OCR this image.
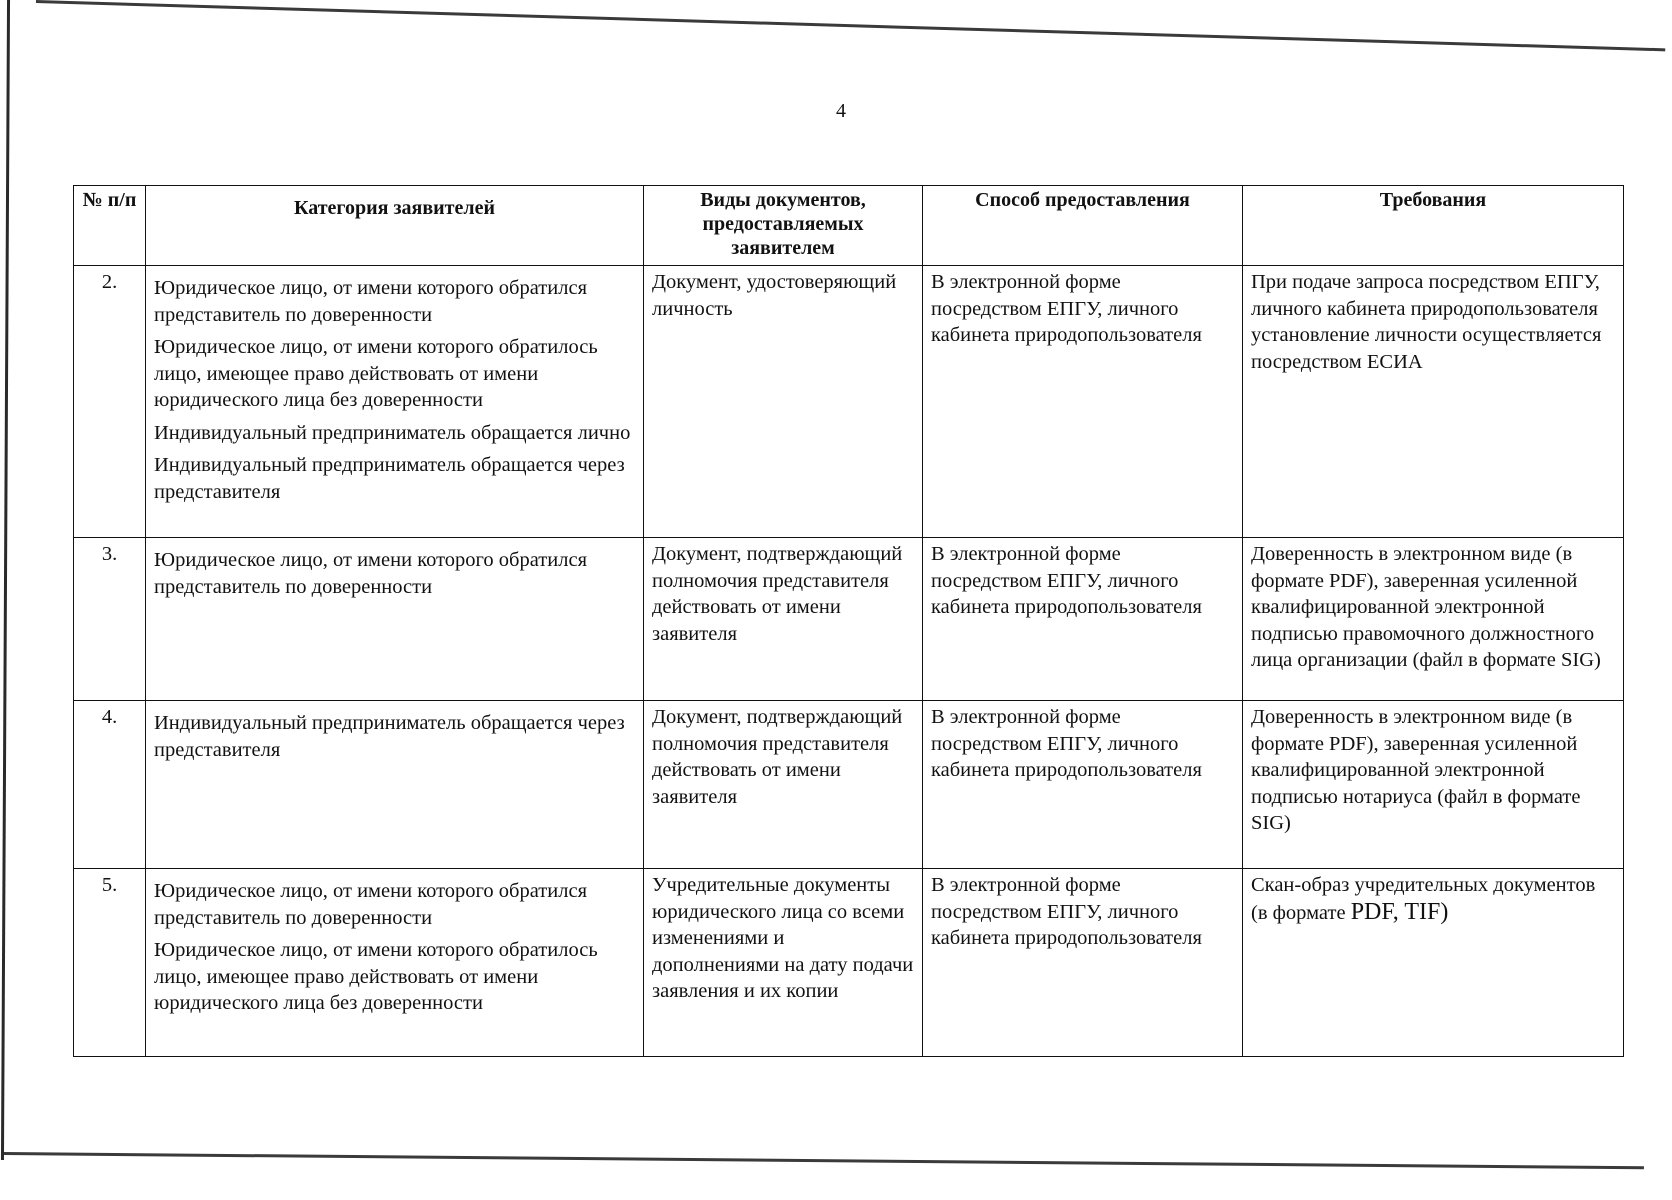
4
№ п/п	Категория заявителей	Виды документов, предоставляемых заявителем	Способ предоставления	Требования
2.	Юридическое лицо, от имени которого обратился представитель по доверенности
Юридическое лицо, от имени которого обратилось лицо, имеющее право действовать от имени юридического лица без доверенности
Индивидуальный предприниматель обращается лично
Индивидуальный предприниматель обращается через представителя	Документ, удостоверяющий личность	В электронной форме посредством ЕПГУ, личного кабинета природопользователя	При подаче запроса посредством ЕПГУ, личного кабинета природопользователя установление личности осуществляется посредством ЕСИА
3.	Юридическое лицо, от имени которого обратился представитель по доверенности	Документ, подтверждающий полномочия представителя действовать от имени заявителя	В электронной форме посредством ЕПГУ, личного кабинета природопользователя	Доверенность в электронном виде (в формате PDF), заверенная усиленной квалифицированной электронной подписью правомочного должностного лица организации (файл в формате SIG)
4.	Индивидуальный предприниматель обращается через представителя	Документ, подтверждающий полномочия представителя действовать от имени заявителя	В электронной форме посредством ЕПГУ, личного кабинета природопользователя	Доверенность в электронном виде (в формате PDF), заверенная усиленной квалифицированной электронной подписью нотариуса (файл в формате SIG)
5.	Юридическое лицо, от имени которого обратился представитель по доверенности
Юридическое лицо, от имени которого обратилось лицо, имеющее право действовать от имени юридического лица без доверенности	Учредительные документы юридического лица со всеми изменениями и дополнениями на дату подачи заявления и их копии	В электронной форме посредством ЕПГУ, личного кабинета природопользователя	Скан-образ учредительных документов (в формате PDF, TIF)
